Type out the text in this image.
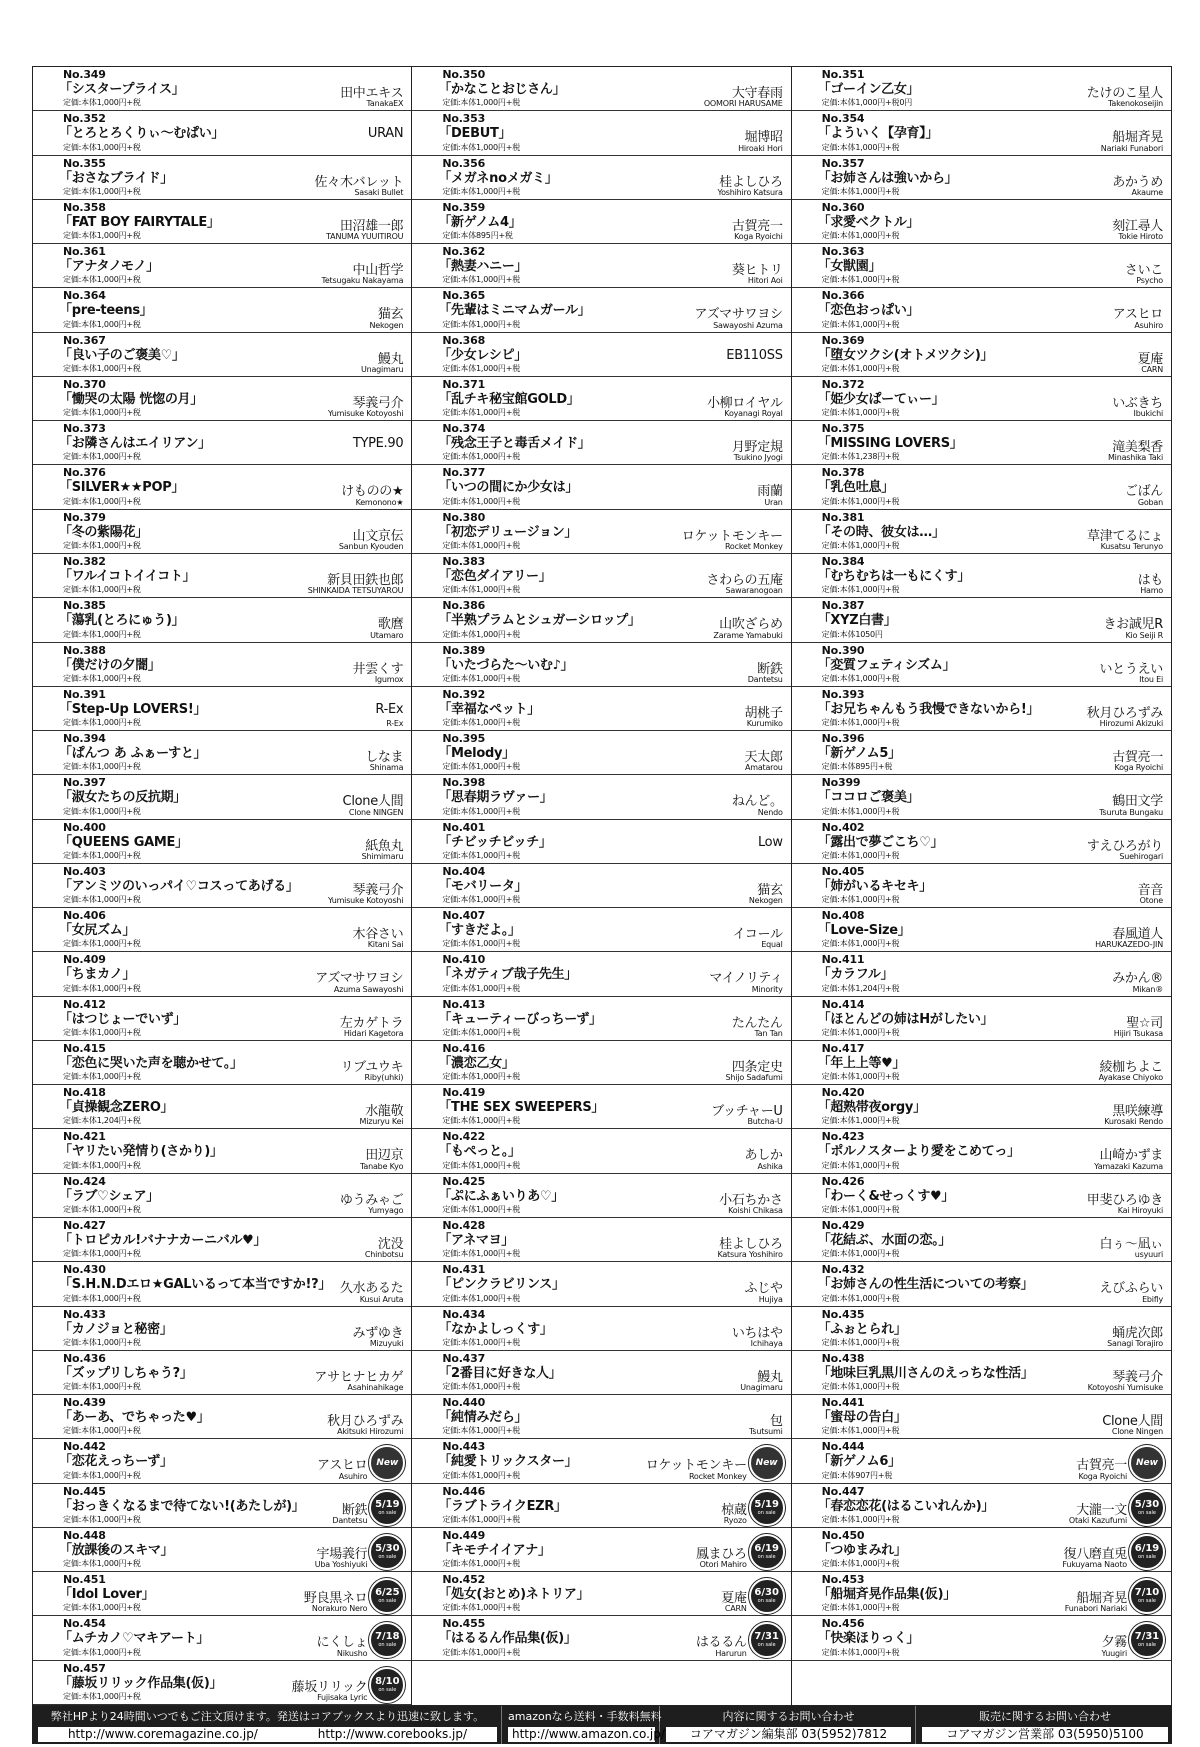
No.349
「シスタープライス」
定価:本体1,000円+税
田中エキス
TanakaEX
No.352
「とろとろくりぃ～むぱい」
定価:本体1,000円+税
URAN
No.355
「おさなブライド」
定価:本体1,000円+税
佐々木バレット
Sasaki Bullet
No.358
「FAT BOY FAIRYTALE」
定価:本体1,000円+税
田沼雄一郎
TANUMA YUUITIROU
No.361
「アナタノモノ」
定価:本体1,000円+税
中山哲学
Tetsugaku Nakayama
No.364
「pre-teens」
定価:本体1,000円+税
猫玄
Nekogen
No.367
「良い子のご褒美♡」
定価:本体1,000円+税
鰻丸
Unagimaru
No.370
「慟哭の太陽 恍惚の月」
定価:本体1,000円+税
琴義弓介
Yumisuke Kotoyoshi
No.373
「お隣さんはエイリアン」
定価:本体1,000円+税
TYPE.90
No.376
「SILVER★★POP」
定価:本体1,000円+税
けものの★
Kemonono★
No.379
「冬の紫陽花」
定価:本体1,000円+税
山文京伝
Sanbun Kyouden
No.382
「ワルイコトイイコト」
定価:本体1,000円+税
新貝田鉄也郎
SHINKAIDA TETSUYAROU
No.385
「蕩乳(とろにゅう)」
定価:本体1,000円+税
歌麿
Utamaro
No.388
「僕だけの夕闇」
定価:本体1,000円+税
井雲くす
Igumox
No.391
「Step-Up LOVERS!」
定価:本体1,000円+税
R-Ex
R-Ex
No.394
「ぱんつ あ ふぁーすと」
定価:本体1,000円+税
しなま
Shinama
No.397
「淑女たちの反抗期」
定価:本体1,000円+税
Clone人間
Clone NINGEN
No.400
「QUEENS GAME」
定価:本体1,000円+税
紙魚丸
Shimimaru
No.403
「アンミツのいっパイ♡コスってあげる」
定価:本体1,000円+税
琴義弓介
Yumisuke Kotoyoshi
No.406
「女尻ズム」
定価:本体1,000円+税
木谷さい
Kitani Sai
No.409
「ちまカノ」
定価:本体1,000円+税
アズマサワヨシ
Azuma Sawayoshi
No.412
「はつじょーでいず」
定価:本体1,000円+税
左カゲトラ
Hidari Kagetora
No.415
「恋色に哭いた声を聴かせて。」
定価:本体1,000円+税
リブユウキ
Riby(uhki)
No.418
「貞操観念ZERO」
定価:本体1,204円+税
水龍敬
Mizuryu Kei
No.421
「ヤリたい発情り(さかり)」
定価:本体1,000円+税
田辺京
Tanabe Kyo
No.424
「ラブ♡シェア」
定価:本体1,000円+税
ゆうみゃご
Yumyago
No.427
「トロピカル!バナナカーニバル♥」
定価:本体1,000円+税
沈没
Chinbotsu
No.430
「S.H.N.Dエロ★GALいるって本当ですか!?」
定価:本体1,000円+税
久水あるた
Kusui Aruta
No.433
「カノジョと秘密」
定価:本体1,000円+税
みずゆき
Mizuyuki
No.436
「ズップリしちゃう?」
定価:本体1,000円+税
アサヒナヒカゲ
Asahinahikage
No.439
「あーあ、でちゃった♥」
定価:本体1,000円+税
秋月ひろずみ
Akitsuki Hirozumi
No.442
「恋花えっちーず」
定価:本体1,000円+税
アスヒロ
Asuhiro
New
No.445
「おっきくなるまで待てない!(あたしが)」
定価:本体1,000円+税
断鉄
Dantetsu
5/19
on sale
No.448
「放課後のスキマ」
定価:本体1,000円+税
宇場義行
Uba Yoshiyuki
5/30
on sale
No.451
「Idol Lover」
定価:本体1,000円+税
野良黒ネロ
Norakuro Nero
6/25
on sale
No.454
「ムチカノ♡マキアート」
定価:本体1,000円+税
にくしょ
Nikusho
7/18
on sale
No.457
「藤坂リリック作品集(仮)」
定価:本体1,000円+税
藤坂リリック
Fujisaka Lyric
8/10
on sale
No.350
「かなことおじさん」
定価:本体1,000円+税
大守春雨
OOMORI HARUSAME
No.353
「DEBUT」
定価:本体1,000円+税
堀博昭
Hiroaki Hori
No.356
「メガネnoメガミ」
定価:本体1,000円+税
桂よしひろ
Yoshihiro Katsura
No.359
「新ゲノム4」
定価:本体895円+税
古賀亮一
Koga Ryoichi
No.362
「熱妻ハニー」
定価:本体1,000円+税
葵ヒトリ
Hitori Aoi
No.365
「先輩はミニマムガール」
定価:本体1,000円+税
アズマサワヨシ
Sawayoshi Azuma
No.368
「少女レシピ」
定価:本体1,000円+税
EB110SS
No.371
「乱チキ秘宝館GOLD」
定価:本体1,000円+税
小柳ロイヤル
Koyanagi Royal
No.374
「残念王子と毒舌メイド」
定価:本体1,000円+税
月野定規
Tsukino Jyogi
No.377
「いつの間にか少女は」
定価:本体1,000円+税
雨蘭
Uran
No.380
「初恋デリュージョン」
定価:本体1,000円+税
ロケットモンキー
Rocket Monkey
No.383
「恋色ダイアリー」
定価:本体1,000円+税
さわらの五庵
Sawaranogoan
No.386
「半熟プラムとシュガーシロップ」
定価:本体1,000円+税
山吹ざらめ
Zarame Yamabuki
No.389
「いたづらた～いむ♪」
定価:本体1,000円+税
断鉄
Dantetsu
No.392
「幸福なペット」
定価:本体1,000円+税
胡桃子
Kurumiko
No.395
「Melody」
定価:本体1,000円+税
天太郎
Amatarou
No.398
「思春期ラヴァー」
定価:本体1,000円+税
ねんど。
Nendo
No.401
「チビッチビッチ」
定価:本体1,000円+税
Low
No.404
「モバリータ」
定価:本体1,000円+税
猫玄
Nekogen
No.407
「すきだよ。」
定価:本体1,000円+税
イコール
Equal
No.410
「ネガティブ哉子先生」
定価:本体1,000円+税
マイノリティ
Minority
No.413
「キューティーびっちーず」
定価:本体1,000円+税
たんたん
Tan Tan
No.416
「濃恋乙女」
定価:本体1,000円+税
四条定史
Shijo Sadafumi
No.419
「THE SEX SWEEPERS」
定価:本体1,000円+税
ブッチャーU
Butcha-U
No.422
「もぺっと。」
定価:本体1,000円+税
あしか
Ashika
No.425
「ぷにふぁいりあ♡」
定価:本体1,000円+税
小石ちかさ
Koishi Chikasa
No.428
「アネマヨ」
定価:本体1,000円+税
桂よしひろ
Katsura Yoshihiro
No.431
「ピンクラビリンス」
定価:本体1,000円+税
ふじや
Hujiya
No.434
「なかよしっくす」
定価:本体1,000円+税
いちはや
Ichihaya
No.437
「2番目に好きな人」
定価:本体1,000円+税
鰻丸
Unagimaru
No.440
「純情みだら」
定価:本体1,000円+税
包
Tsutsumi
No.443
「純愛トリックスター」
定価:本体1,000円+税
ロケットモンキー
Rocket Monkey
New
No.446
「ラブトライクEZR」
定価:本体1,000円+税
椋蔵
Ryozo
5/19
on sale
No.449
「キモチイイアナ」
定価:本体1,000円+税
鳳まひろ
Otori Mahiro
6/19
on sale
No.452
「処女(おとめ)ネトリア」
定価:本体1,000円+税
夏庵
CARN
6/30
on sale
No.455
「はるるん作品集(仮)」
定価:本体1,000円+税
はるるん
Harurun
7/31
on sale
No.351
「ゴーイン乙女」
定価:本体1,000円+税0円
たけのこ星人
Takenokoseijin
No.354
「よういく【孕育】」
定価:本体1,000円+税
船堀斉晃
Nariaki Funabori
No.357
「お姉さんは強いから」
定価:本体1,000円+税
あかうめ
Akaume
No.360
「求愛ベクトル」
定価:本体1,000円+税
刻江尋人
Tokie Hiroto
No.363
「女獣園」
定価:本体1,000円+税
さいこ
Psycho
No.366
「恋色おっぱい」
定価:本体1,000円+税
アスヒロ
Asuhiro
No.369
「堕女ツクシ(オトメツクシ)」
定価:本体1,000円+税
夏庵
CARN
No.372
「姫少女ぱーてぃー」
定価:本体1,000円+税
いぶきち
Ibukichi
No.375
「MISSING LOVERS」
定価:本体1,238円+税
滝美梨香
Minashika Taki
No.378
「乳色吐息」
定価:本体1,000円+税
ごばん
Goban
No.381
「その時、彼女は…」
定価:本体1,000円+税
草津てるにょ
Kusatsu Terunyo
No.384
「むちむちは一もにくす」
定価:本体1,000円+税
はも
Hamo
No.387
「XYZ白書」
定価:本体1050円
きお誠児R
Kio Seiji R
No.390
「変質フェティシズム」
定価:本体1,000円+税
いとうえい
Itou Ei
No.393
「お兄ちゃんもう我慢できないから!」
定価:本体1,000円+税
秋月ひろずみ
Hirozumi Akizuki
No.396
「新ゲノム5」
定価:本体895円+税
古賀亮一
Koga Ryoichi
No399
「ココロご褒美」
定価:本体1,000円+税
鶴田文学
Tsuruta Bungaku
No.402
「露出で夢ごこち♡」
定価:本体1,000円+税
すえひろがり
Suehirogari
No.405
「姉がいるキセキ」
定価:本体1,000円+税
音音
Otone
No.408
「Love-Size」
定価:本体1,000円+税
春風道人
HARUKAZEDO-JIN
No.411
「カラフル」
定価:本体1,204円+税
みかん®
Mikan®
No.414
「ほとんどの姉はHがしたい」
定価:本体1,000円+税
聖☆司
Hijiri Tsukasa
No.417
「年上上等♥」
定価:本体1,000円+税
綾枷ちよこ
Ayakase Chiyoko
No.420
「超熟帯夜orgy」
定価:本体1,000円+税
黒咲練導
Kurosaki Rendo
No.423
「ポルノスターより愛をこめてっ」
定価:本体1,000円+税
山崎かずま
Yamazaki Kazuma
No.426
「わーく&せっくす♥」
定価:本体1,000円+税
甲斐ひろゆき
Kai Hiroyuki
No.429
「花結ぶ、水面の恋。」
定価:本体1,000円+税
白ぅ～凪ぃ
usyuuri
No.432
「お姉さんの性生活についての考察」
定価:本体1,000円+税
えびふらい
Ebifly
No.435
「ふぉとられ」
定価:本体1,000円+税
蛹虎次郎
Sanagi Torajiro
No.438
「地味巨乳黒川さんのえっちな性活」
定価:本体1,000円+税
琴義弓介
Kotoyoshi Yumisuke
No.441
「蜜母の告白」
定価:本体1,000円+税
Clone人間
Clone Ningen
No.444
「新ゲノム6」
定価:本体907円+税
古賀亮一
Koga Ryoichi
New
No.447
「春恋恋花(はるこいれんか)」
定価:本体1,000円+税
大瀧一文
Otaki Kazufumi
5/30
on sale
No.450
「つゆまみれ」
定価:本体1,000円+税
復八磨直兎
Fukuyama Naoto
6/19
on sale
No.453
「船堀斉晃作品集(仮)」
定価:本体1,000円+税
船堀斉晃
Funabori Nariaki
7/10
on sale
No.456
「快楽ほりっく」
定価:本体1,000円+税
夕霧
Yuugiri
7/31
on sale
弊社HPより24時間いつでもご注文頂けます。発送はコアブックスより迅速に致します。
http://www.coremagazine.co.jp/	http://www.corebooks.jp/
amazonなら送料・手数料無料
http://www.amazon.co.jp/
内容に関するお問い合わせ
コアマガジン編集部 03(5952)7812
販売に関するお問い合わせ
コアマガジン営業部 03(5950)5100
